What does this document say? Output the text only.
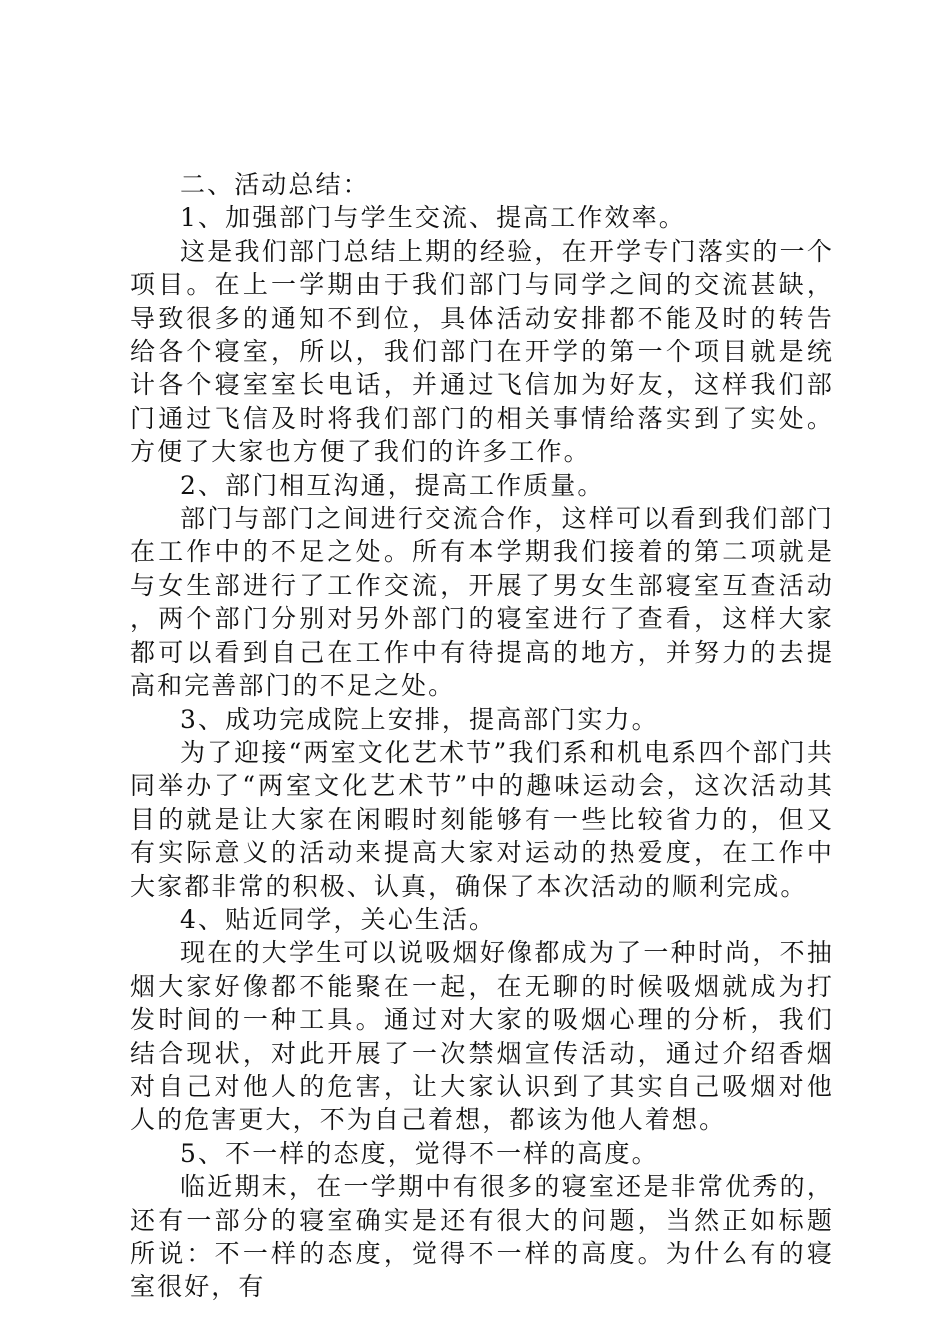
二、活动总结：

1、加强部门与学生交流、提高工作效率。

这是我们部门总结上期的经验，在开学专门落实的一个项目。在上一学期由于我们部门与同学之间的交流甚缺，导致很多的通知不到位，具体活动安排都不能及时的转告给各个寝室，所以，我们部门在开学的第一个项目就是统计各个寝室室长电话，并通过飞信加为好友，这样我们部门通过飞信及时将我们部门的相关事情给落实到了实处。方便了大家也方便了我们的许多工作。

2、部门相互沟通，提高工作质量。

部门与部门之间进行交流合作，这样可以看到我们部门在工作中的不足之处。所有本学期我们接着的第二项就是与女生部进行了工作交流，开展了男女生部寝室互查活动，两个部门分别对另外部门的寝室进行了查看，这样大家都可以看到自己在工作中有待提高的地方，并努力的去提高和完善部门的不足之处。

3、成功完成院上安排，提高部门实力。

为了迎接“两室文化艺术节”我们系和机电系四个部门共同举办了“两室文化艺术节”中的趣味运动会，这次活动其目的就是让大家在闲暇时刻能够有一些比较省力的，但又有实际意义的活动来提高大家对运动的热爱度，在工作中大家都非常的积极、认真，确保了本次活动的顺利完成。

4、贴近同学，关心生活。

现在的大学生可以说吸烟好像都成为了一种时尚，不抽烟大家好像都不能聚在一起，在无聊的时候吸烟就成为打发时间的一种工具。通过对大家的吸烟心理的分析，我们结合现状，对此开展了一次禁烟宣传活动，通过介绍香烟对自己对他人的危害，让大家认识到了其实自己吸烟对他人的危害更大，不为自己着想，都该为他人着想。

5、不一样的态度，觉得不一样的高度。

临近期末，在一学期中有很多的寝室还是非常优秀的，还有一部分的寝室确实是还有很大的问题，当然正如标题所说：不一样的态度，觉得不一样的高度。为什么有的寝室很好，有
